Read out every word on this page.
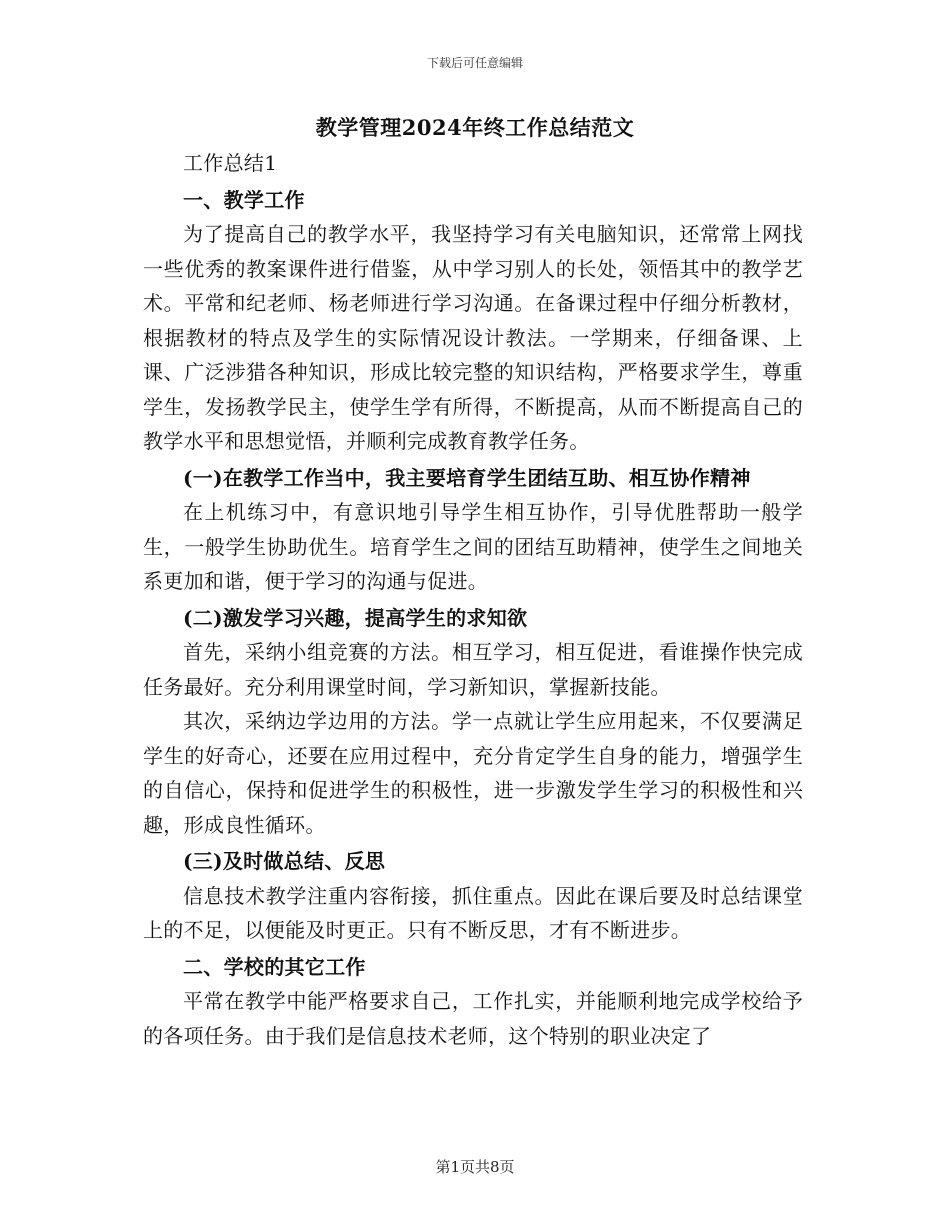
下载后可任意编辑
教学管理2024年终工作总结范文

工作总结1

一、教学工作

为了提高自己的教学水平，我坚持学习有关电脑知识，还常常上网找一些优秀的教案课件进行借鉴，从中学习别人的长处，领悟其中的教学艺术。平常和纪老师、杨老师进行学习沟通。在备课过程中仔细分析教材，根据教材的特点及学生的实际情况设计教法。一学期来，仔细备课、上课、广泛涉猎各种知识，形成比较完整的知识结构，严格要求学生，尊重学生，发扬教学民主，使学生学有所得，不断提高，从而不断提高自己的教学水平和思想觉悟，并顺利完成教育教学任务。

(一)在教学工作当中，我主要培育学生团结互助、相互协作精神

在上机练习中，有意识地引导学生相互协作，引导优胜帮助一般学生，一般学生协助优生。培育学生之间的团结互助精神，使学生之间地关系更加和谐，便于学习的沟通与促进。

(二)激发学习兴趣，提高学生的求知欲

首先，采纳小组竞赛的方法。相互学习，相互促进，看谁操作快完成任务最好。充分利用课堂时间，学习新知识，掌握新技能。

其次，采纳边学边用的方法。学一点就让学生应用起来，不仅要满足学生的好奇心，还要在应用过程中，充分肯定学生自身的能力，增强学生的自信心，保持和促进学生的积极性，进一步激发学生学习的积极性和兴趣，形成良性循环。

(三)及时做总结、反思

信息技术教学注重内容衔接，抓住重点。因此在课后要及时总结课堂上的不足，以便能及时更正。只有不断反思，才有不断进步。

二、学校的其它工作

平常在教学中能严格要求自己，工作扎实，并能顺利地完成学校给予的各项任务。由于我们是信息技术老师，这个特别的职业决定了

第1页共8页
